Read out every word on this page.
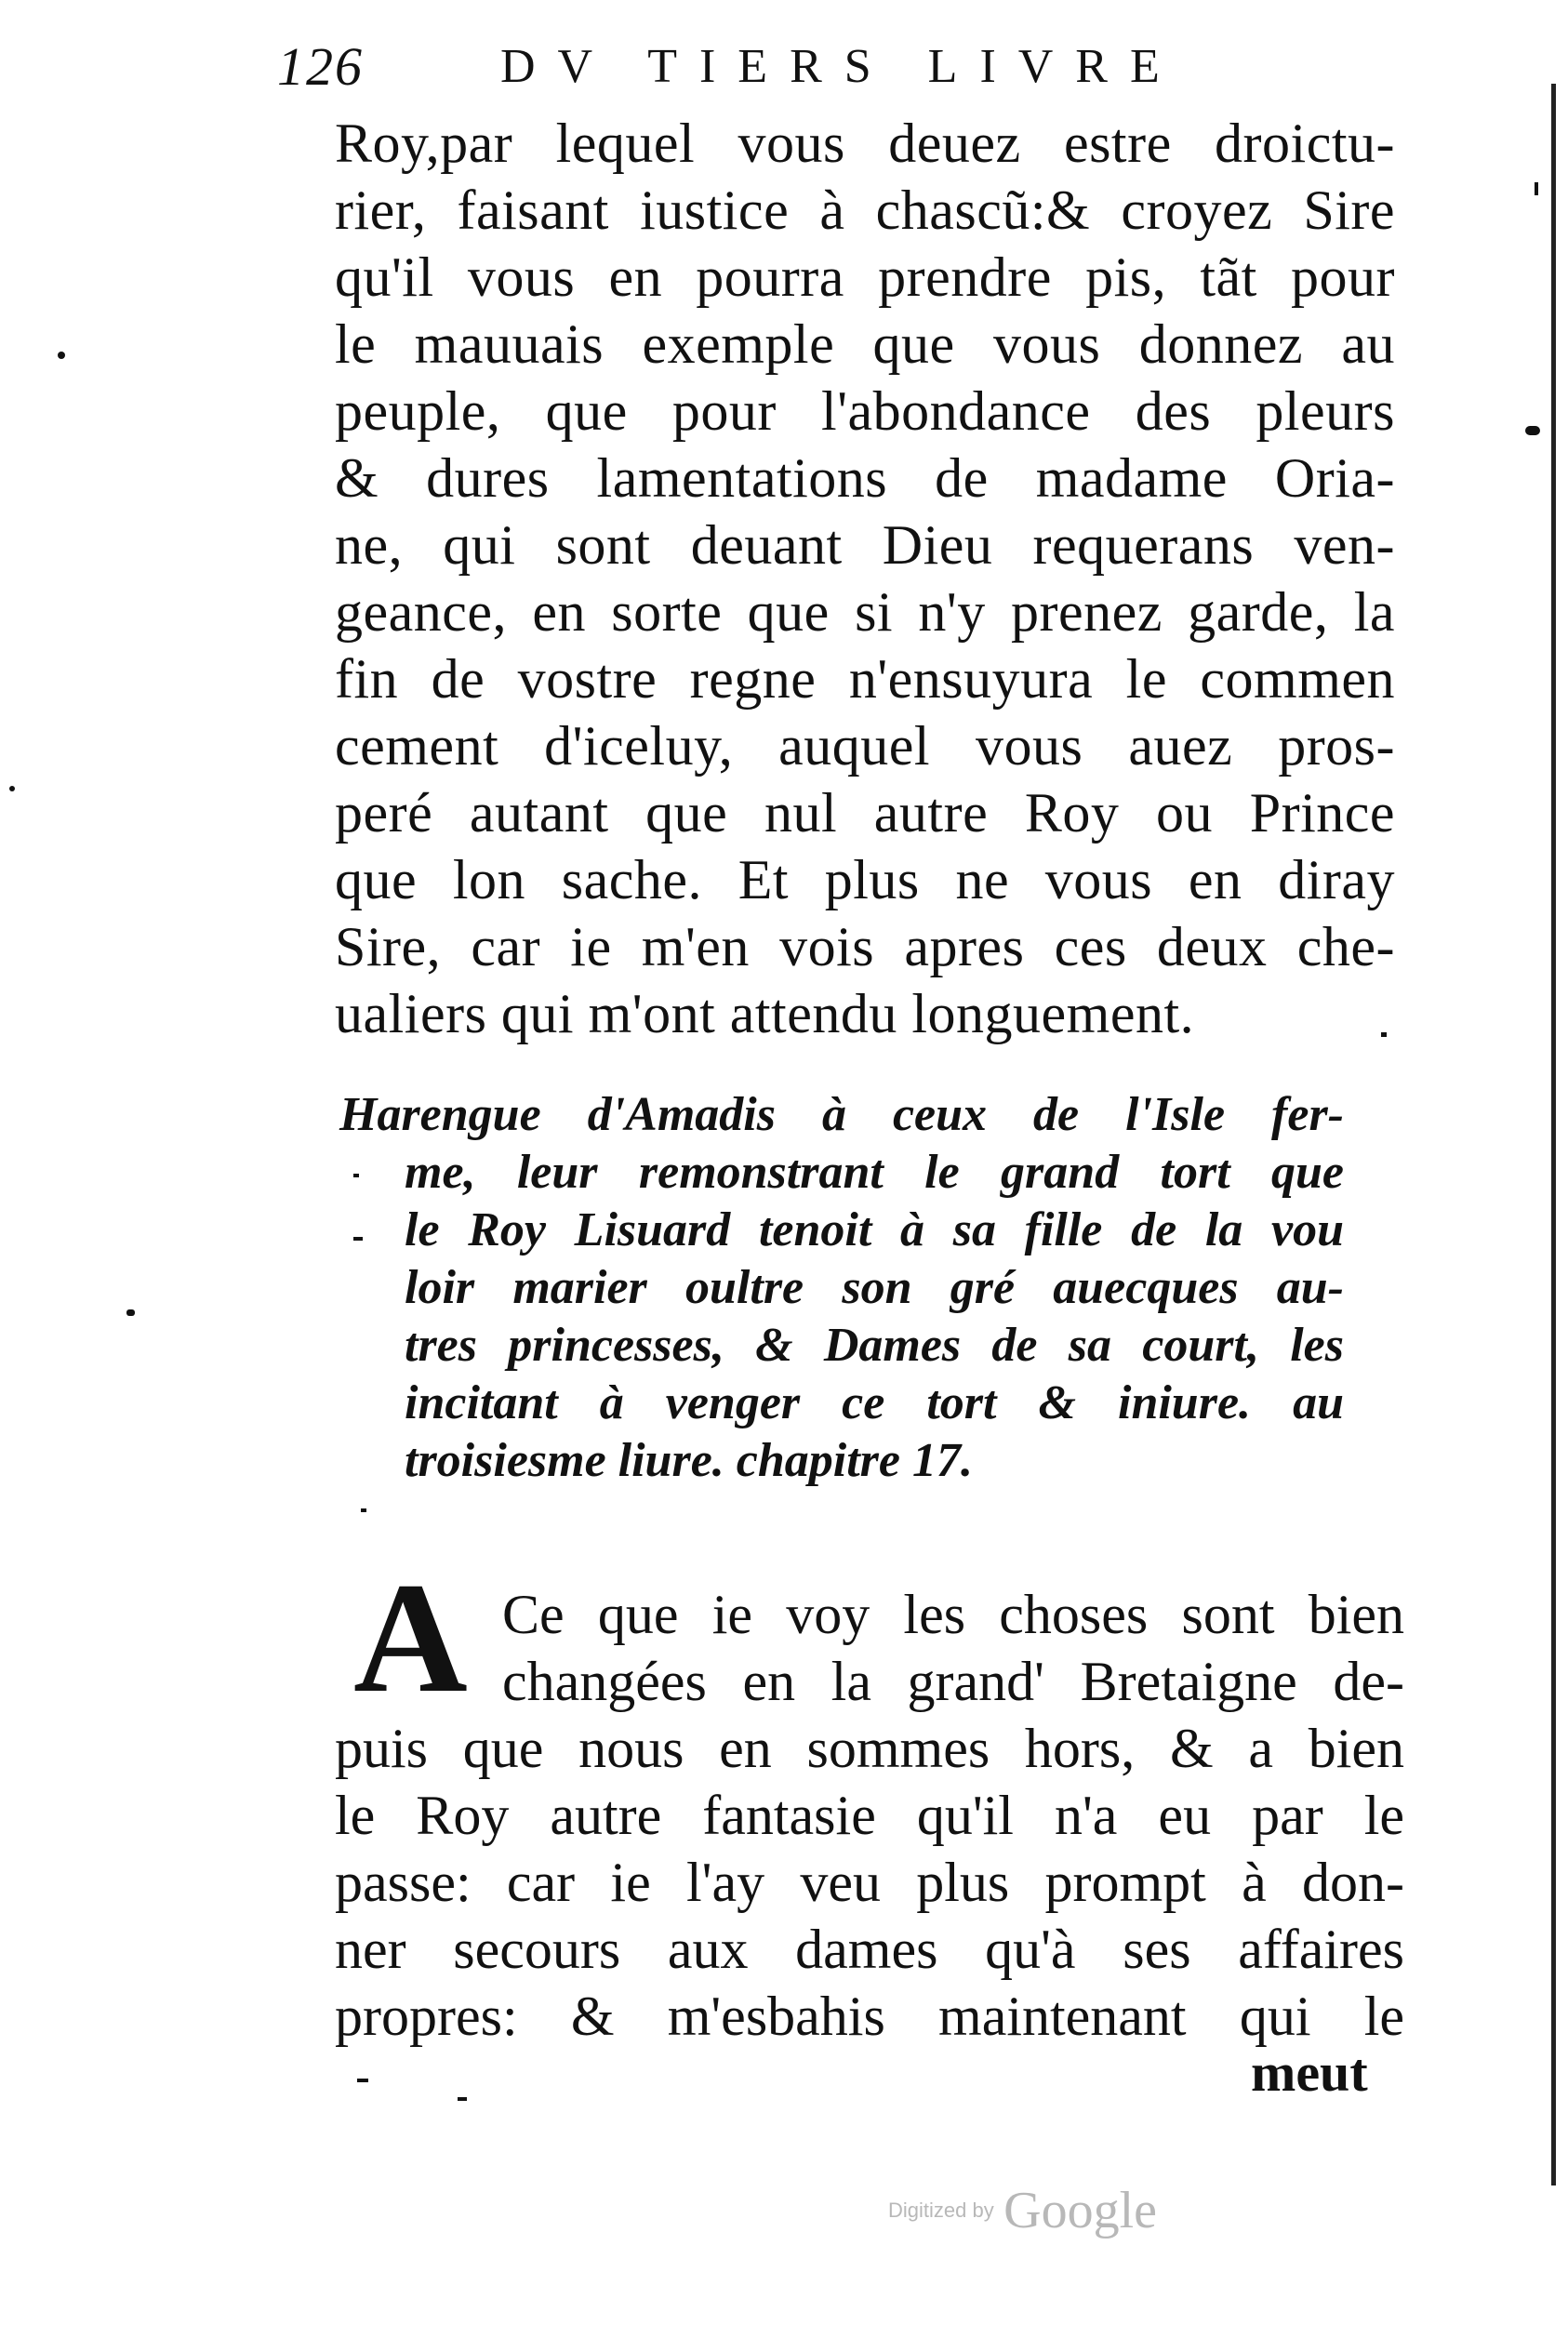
126	DV TIERS LIVRE
Roy,par lequel vous deuez estre droictu-
rier, faisant iustice à chascũ:& croyez Sire
qu'il vous en pourra prendre pis, tãt pour
le mauuais exemple que vous donnez au
peuple, que pour l'abondance des pleurs
& dures lamentations de madame Oria-
ne, qui sont deuant Dieu requerans ven-
geance, en sorte que si n'y prenez garde, la
fin de vostre regne n'ensuyura le commen
cement d'iceluy, auquel vous auez pros-
peré autant que nul autre Roy ou Prince
que lon sache. Et plus ne vous en diray
Sire, car ie m'en vois apres ces deux che-
ualiers qui m'ont attendu longuement.
Harengue d'Amadis à ceux de l'Isle fer-
me, leur remonstrant le grand tort que
le Roy Lisuard tenoit à sa fille de la vou
loir marier oultre son gré auecques au-
tres princesses, & Dames de sa court, les
incitant à venger ce tort & iniure. au
troisiesme liure. chapitre 17.
A Ce que ie voy les choses sont bien
changées en la grand' Bretaigne de-
puis que nous en sommes hors, & a bien
le Roy autre fantasie qu'il n'a eu par le
passe: car ie l'ay veu plus prompt à don-
ner secours aux dames qu'à ses affaires
propres: & m'esbahis maintenant qui le
meut
Digitized by Google
